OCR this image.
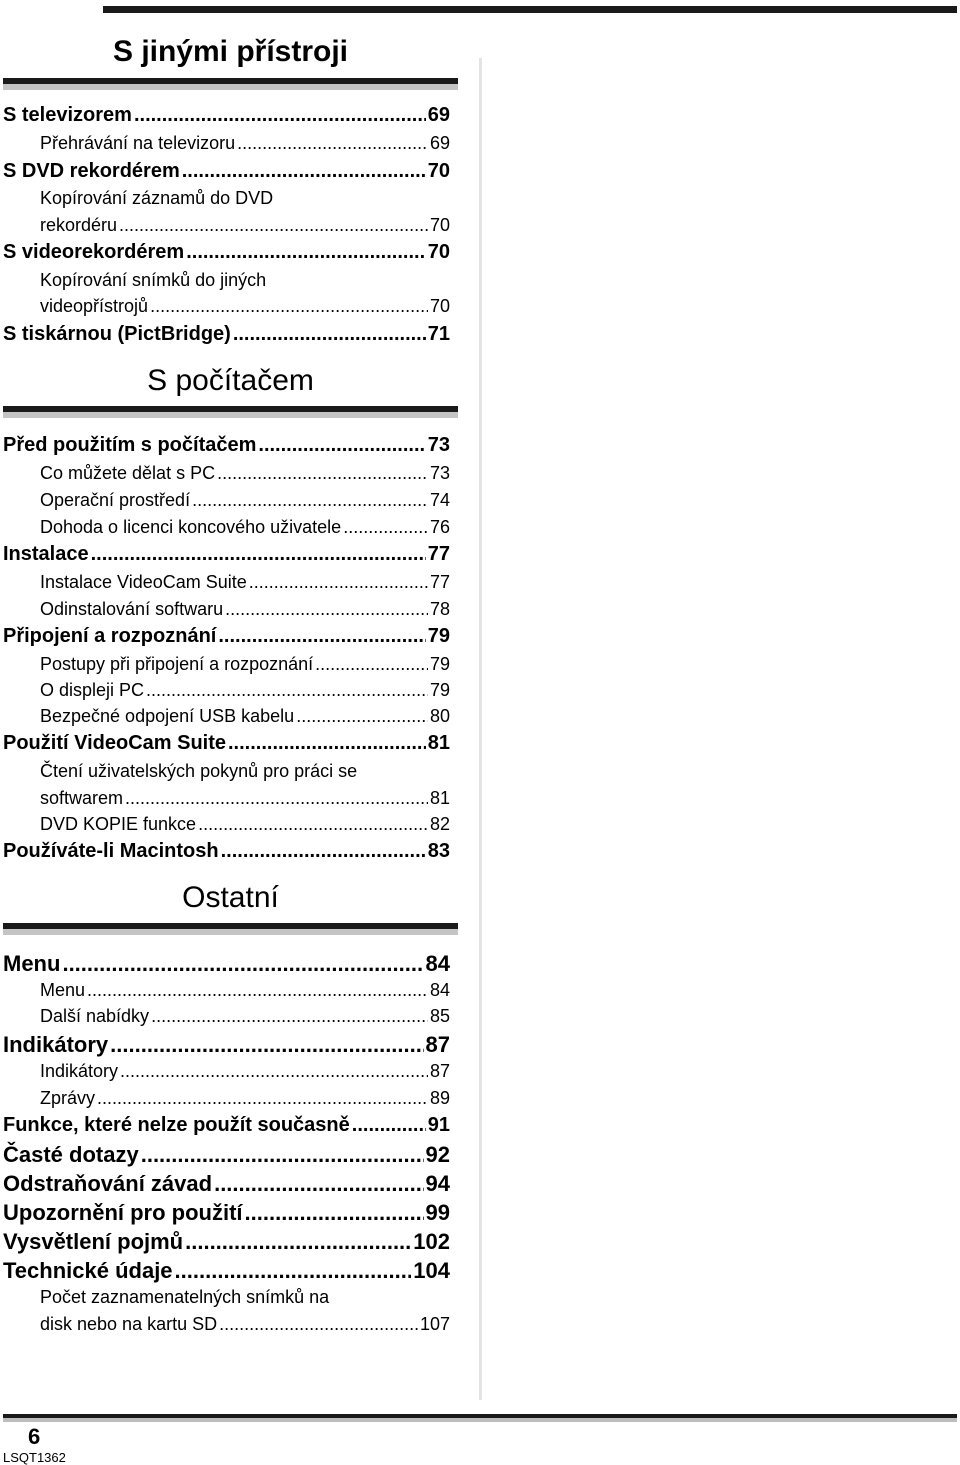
S jinými přístroji
S televizorem .....	69
Přehrávání na televizoru .....	69
S DVD rekordérem .....	70
Kopírování záznamů do DVD
rekordéru .....	70
S videorekordérem .....	70
Kopírování snímků do jiných
videopřístrojů .....	70
S tiskárnou (PictBridge) .....	71
S počítačem
Před použitím s počítačem .....	73
Co můžete dělat s PC .....	73
Operační prostředí .....	74
Dohoda o licenci koncového uživatele .....	76
Instalace .....	77
Instalace VideoCam Suite .....	77
Odinstalování softwaru .....	78
Připojení a rozpoznání .....	79
Postupy při připojení a rozpoznání .....	79
O displeji PC .....	79
Bezpečné odpojení USB kabelu .....	80
Použití VideoCam Suite .....	81
Čtení uživatelských pokynů pro práci se
softwarem .....	81
DVD KOPIE funkce .....	82
Používáte-li Macintosh .....	83
Ostatní
Menu .....	84
Menu .....	84
Další nabídky .....	85
Indikátory .....	87
Indikátory .....	87
Zprávy .....	89
Funkce, které nelze použít současně .....	91
Časté dotazy .....	92
Odstraňování závad .....	94
Upozornění pro použití .....	99
Vysvětlení pojmů .....	102
Technické údaje .....	104
Počet zaznamenatelných snímků na
disk nebo na kartu SD .....	107
6
LSQT1362
